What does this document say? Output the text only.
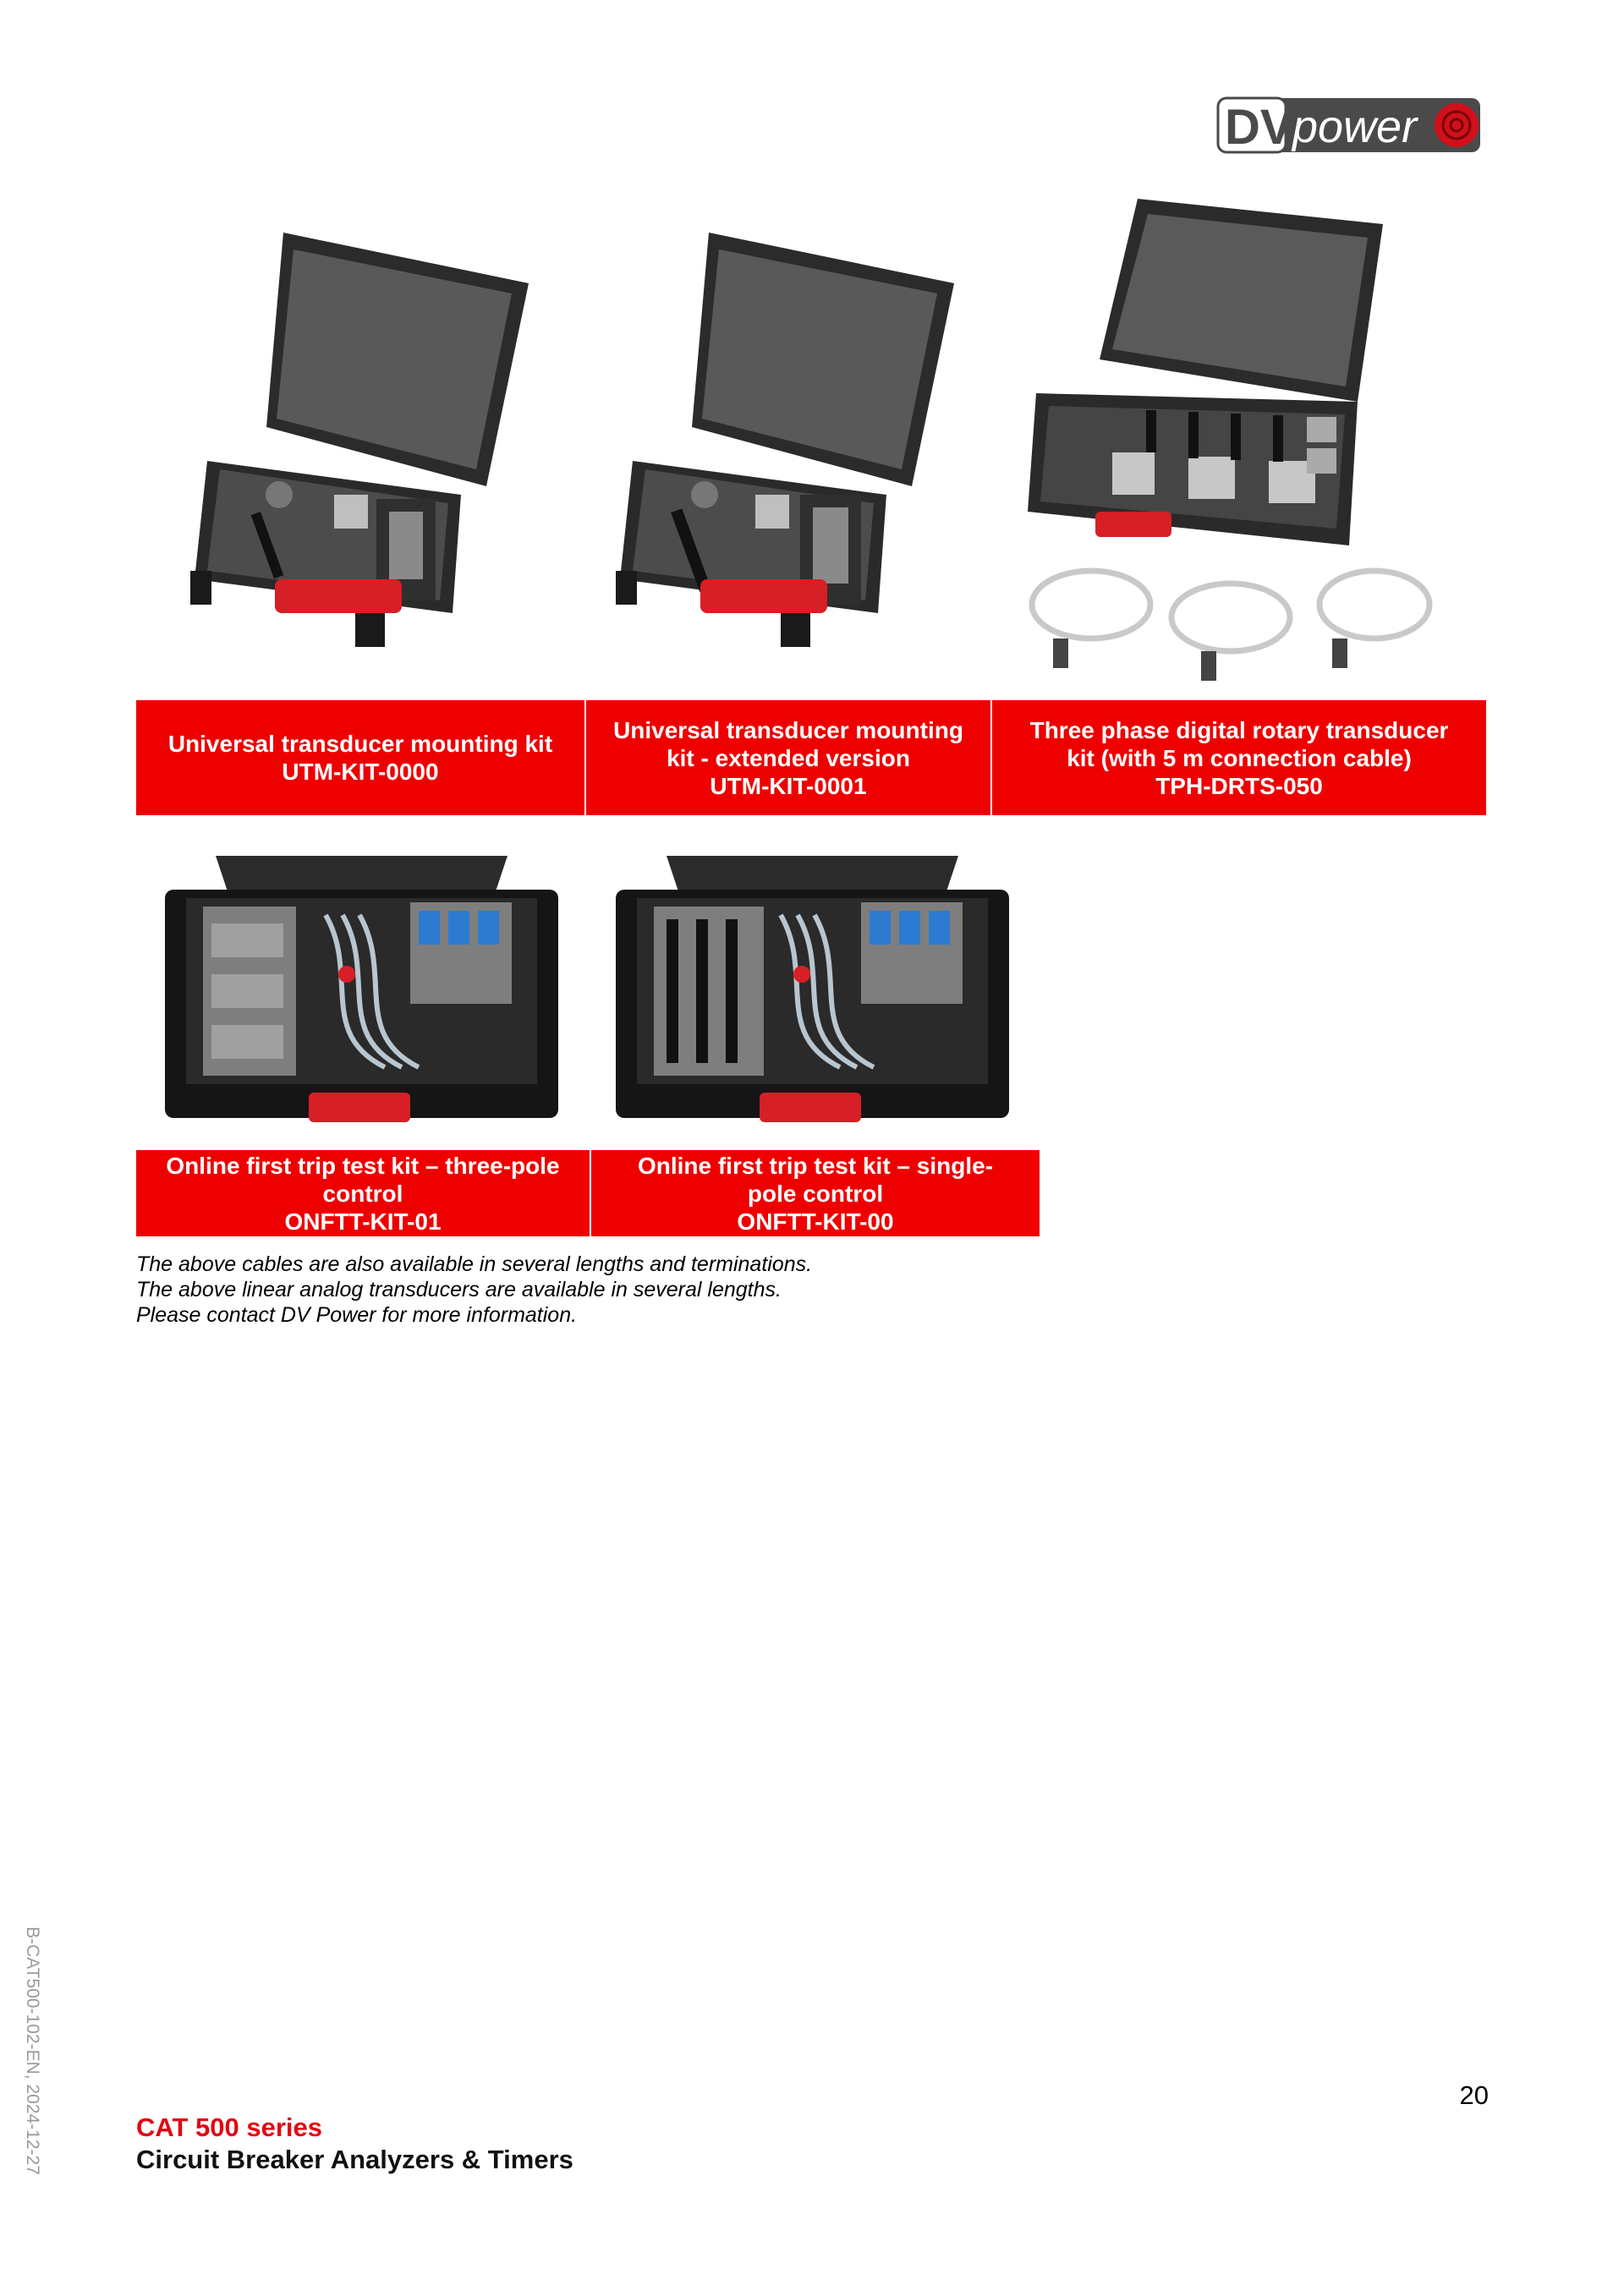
DV power
Universal transducer mounting kit
UTM-KIT-0000
Universal transducer mounting
kit - extended version
UTM-KIT-0001
Three phase digital rotary transducer
kit (with 5 m connection cable)
TPH-DRTS-050
Online first trip test kit – three-pole
control
ONFTT-KIT-01
Online first trip test kit – single-
pole control
ONFTT-KIT-00
The above cables are also available in several lengths and terminations.
The above linear analog transducers are available in several lengths.
Please contact DV Power for more information.
B-CAT500-102-EN, 2024-12-27	20
CAT 500 series
Circuit Breaker Analyzers & Timers
